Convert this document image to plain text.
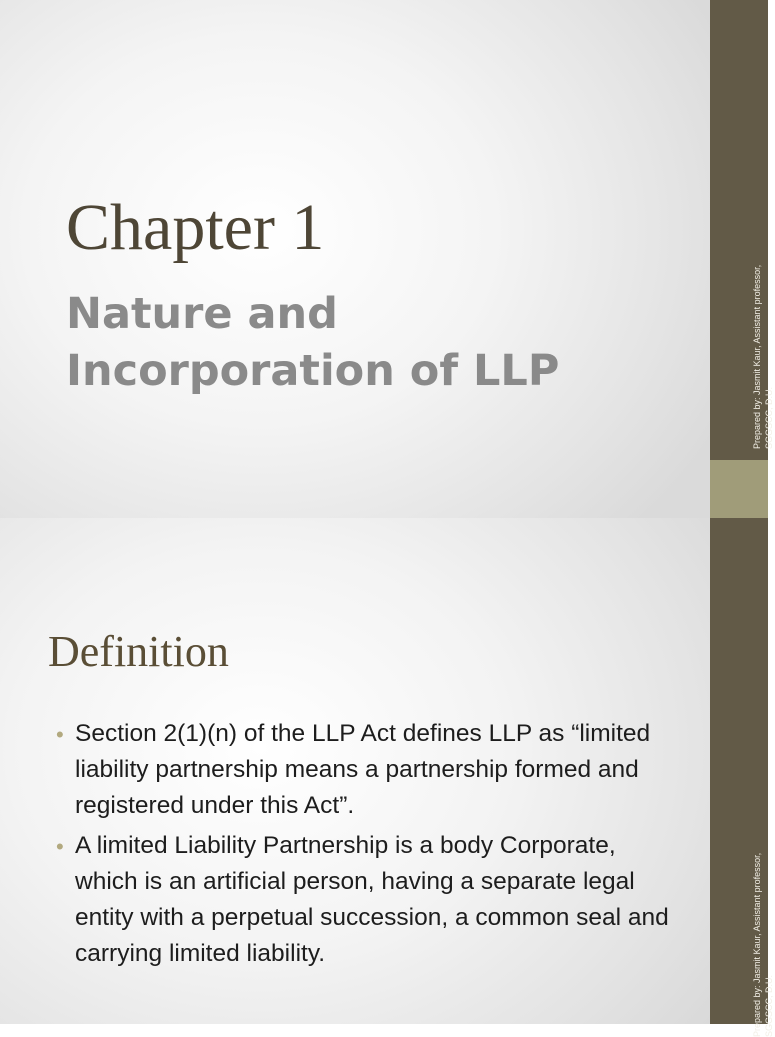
Chapter 1
Nature and Incorporation of LLP	Prepared by: Jasmit Kaur, Assistant professor, SGGSCC, D.U.
Definition
• Section 2(1)(n) of the LLP Act defines LLP as “limited liability partnership means a partnership formed and registered under this Act”.
• A limited Liability Partnership is a body Corporate, which is an artificial person, having a separate legal entity with a perpetual succession, a common seal and carrying limited liability.	Prepared by: Jasmit Kaur, Assistant professor, SGGSCC, D.U.
